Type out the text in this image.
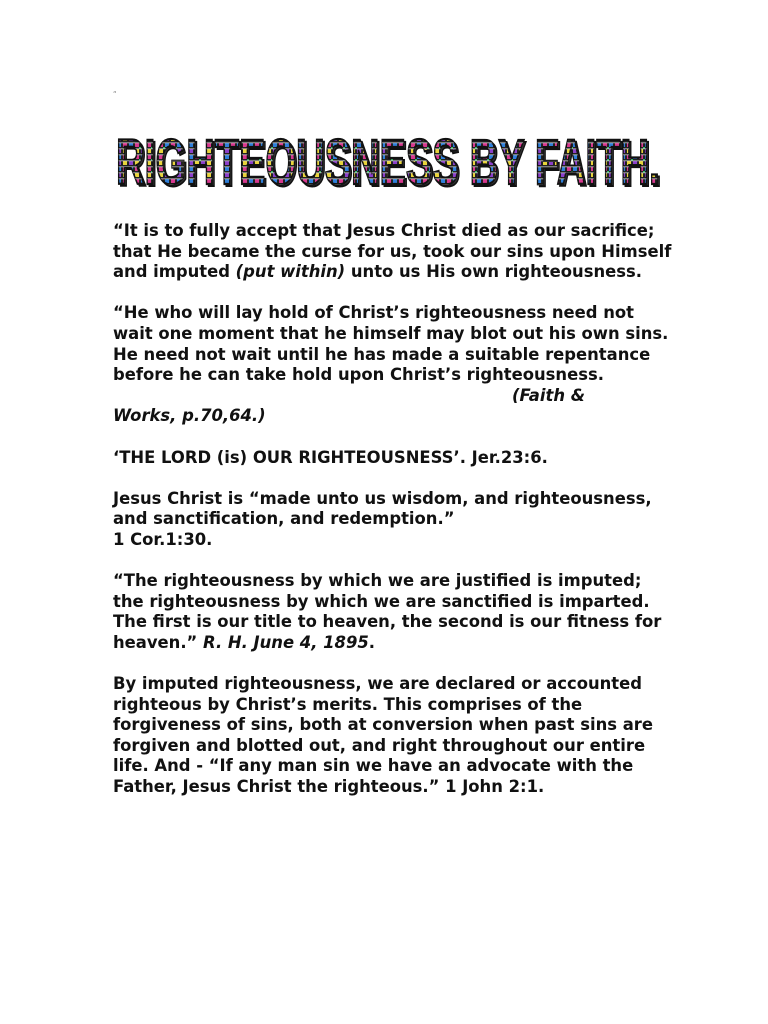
“
RIGHTEOUSNESS BY FAITH.
RIGHTEOUSNESS BY FAITH.
RIGHTEOUSNESS BY FAITH.

“It is to fully accept that Jesus Christ died as our sacrifice; that He became the curse for us, took our sins upon Himself and imputed (put within) unto us His own righteousness.

“He who will lay hold of Christ’s righteousness need not wait one moment that he himself may blot out his own sins. He need not wait until he has made a suitable repentance before he can take hold upon Christ’s righteousness.
(Faith &
Works, p.70,64.)

‘THE LORD (is) OUR RIGHTEOUSNESS’. Jer.23:6.

Jesus Christ is “made unto us wisdom, and righteousness, and sanctification, and redemption.”
1 Cor.1:30.

“The righteousness by which we are justified is imputed; the righteousness by which we are sanctified is imparted. The first is our title to heaven, the second is our fitness for heaven.” R. H. June 4, 1895.

By imputed righteousness, we are declared or accounted righteous by Christ’s merits. This comprises of the forgiveness of sins, both at conversion when past sins are forgiven and blotted out, and right throughout our entire life. And - “If any man sin we have an advocate with the Father, Jesus Christ the righteous.” 1 John 2:1.
